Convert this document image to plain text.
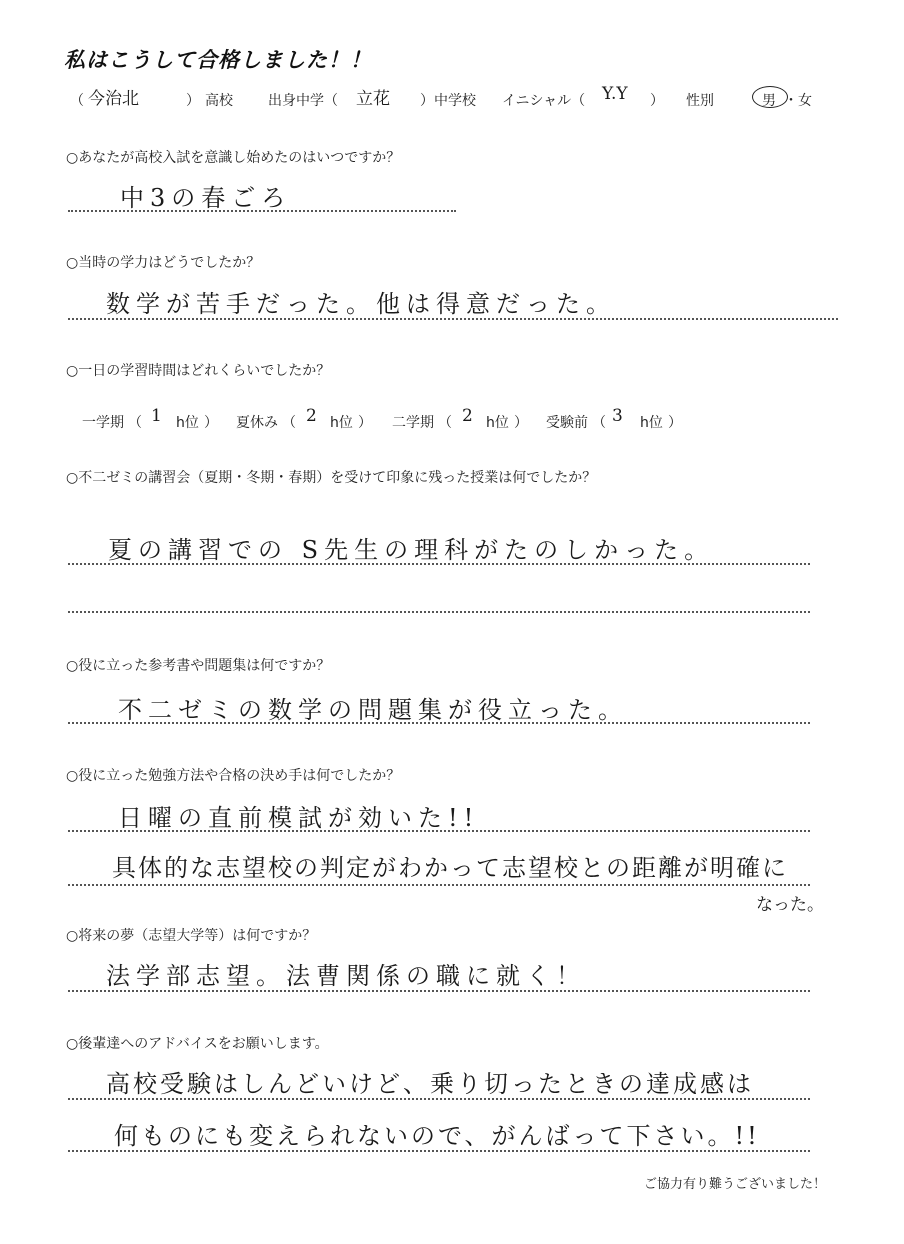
私はこうして合格しました！！
（ 今治北	） 高校	出身中学（ 立花 ）中学校 イニシャル（ Y.Y ） 性別	男 ・ 女
○あなたが高校入試を意識し始めたのはいつですか？
中3の春ごろ
○当時の学力はどうでしたか？
数学が苦手だった。他は得意だった。
○一日の学習時間はどれくらいでしたか？
一学期 （ 1 h位 ） 夏休み （ 2 h位 ） 二学期 （ 2 h位 ） 受験前 （ 3 h位 ）
○不二ゼミの講習会（夏期・冬期・春期）を受けて印象に残った授業は何でしたか？
夏の講習での S先生の理科がたのしかった。
○役に立った参考書や問題集は何ですか？
不二ゼミの数学の問題集が役立った。
○役に立った勉強方法や合格の決め手は何でしたか？
日曜の直前模試が効いた!!
具体的な志望校の判定がわかって志望校との距離が明確に
なった。
○将来の夢（志望大学等）は何ですか？
法学部志望。法曹関係の職に就く！
○後輩達へのアドバイスをお願いします。
高校受験はしんどいけど、乗り切ったときの達成感は
何ものにも変えられないので、がんばって下さい。!!
ご協力有り難うございました！
